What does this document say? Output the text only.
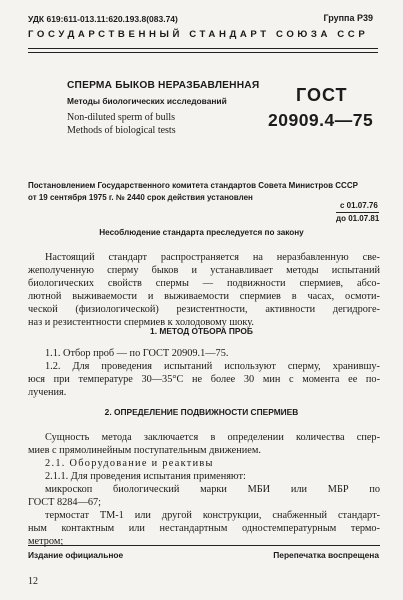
УДК 619:611-013.11:620.193.8(083.74)	Группа Р39
ГОСУДАРСТВЕННЫЙ СТАНДАРТ СОЮЗА ССР
СПЕРМА БЫКОВ НЕРАЗБАВЛЕННАЯ
Методы биологических исследований
Non-diluted sperm of bulls
Methods of biological tests
ГОСТ
20909.4—75
Постановлением Государственного комитета стандартов Совета Министров СССР
от 19 сентября 1975 г. № 2440 срок действия установлен
с 01.07.76
до 01.07.81
Несоблюдение стандарта преследуется по закону
Настоящий стандарт распространяется на неразбавленную све-
жеполученную сперму быков и устанавливает методы испытаний
биологических свойств спермы — подвижности спермиев, абсо-
лютной выживаемости и выживаемости спермиев в часах, осмоти-
ческой (физиологической) резистентности, активности дегидроге-
наз и резистентности спермиев к холодовому шоку.
1. МЕТОД ОТБОРА ПРОБ
1.1. Отбор проб — по ГОСТ 20909.1—75.
1.2. Для проведения испытаний используют сперму, хранившу-
юся при температуре 30—35°С не более 30 мин с момента ее по-
лучения.
2. ОПРЕДЕЛЕНИЕ ПОДВИЖНОСТИ СПЕРМИЕВ
Сущность метода заключается в определении количества спер-
миев с прямолинейным поступательным движением.
2.1. Оборудование и реактивы
2.1.1. Для проведения испытания применяют:
микроскоп биологический марки МБИ или МБР по
ГОСТ 8284—67;
термостат ТМ-1 или другой конструкции, снабженный стандарт-
ным контактным или нестандартным одностемпературным термо-
метром;
Издание официальное	Перепечатка воспрещена
12
